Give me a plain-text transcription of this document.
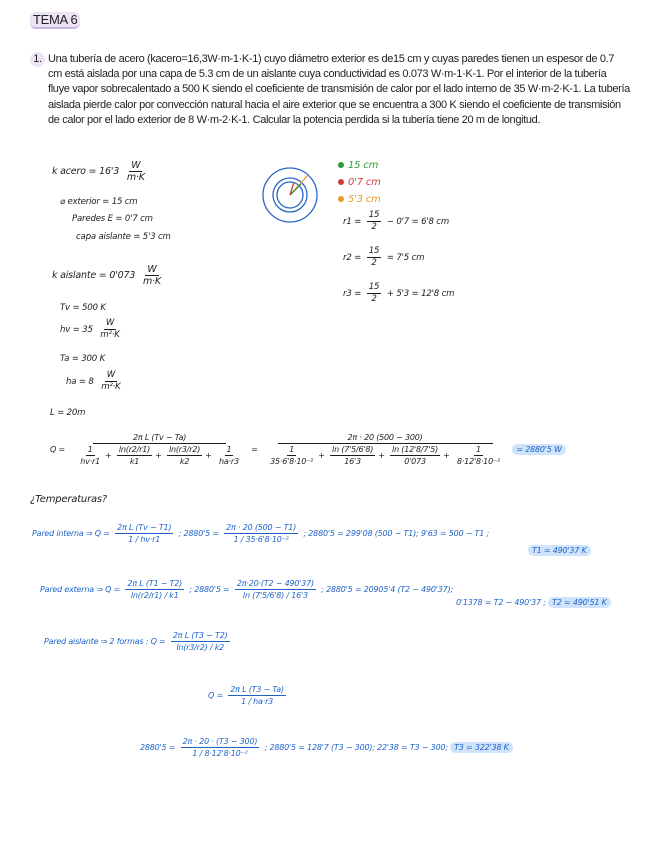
TEMA 6
1. Una tubería de acero (kacero=16,3W·m-1·K-1) cuyo diámetro exterior es de15 cm y cuyas paredes tienen un espesor de 0.7 cm está aislada por una capa de 5.3 cm de un aislante cuya conductividad es 0.073 W·m-1·K-1. Por el interior de la tubería fluye vapor sobrecalentado a 500 K siendo el coeficiente de transmisión de calor por el lado interno de 35 W·m-2·K-1. La tubería aislada pierde calor por convección natural hacia el aire exterior que se encuentra a 300 K siendo el coeficiente de transmisión de calor por el lado exterior de 8 W·m-2·K-1. Calcular la potencia perdida si la tubería tiene 20 m de longitud.
k acero = $16'3 \frac{W}{m\cdot K}$
⌀ exterior = 15 cm
Paredes E = 0'7 cm
capa aislante = 5'3 cm
k aislante = $0'073 \frac{W}{m\cdot K}$
Tv = 500 K
hv = $35 \frac{W}{\text{m²·K}}$
Ta = 300 K
ha = $8 \frac{W}{\text{m²·K}}$
L = 20m
15 cm
0'7 cm
5'3 cm
$r1 = \frac{15}{2} - 0'7 = 6'8$ cm
$r2 = \frac{15}{2} = 7'5$ cm
$r3 = \frac{15}{2} + 5'3 = 12'8$ cm
$Q = \frac{\text{2π L (Tv − Ta)}}{\frac{1}{hv\cdot r1} + \frac{\ln(r2/r1)}{k1} + \frac{\ln(r3/r2)}{k2} + \frac{1}{ha\cdot r3}}$ =
2π · 20 (500 − 300)
$\frac{1}{\text{35·6'8·10⁻²}} + \frac{\ln (7'5/6'8)}{16'3} + \frac{\ln (12'8/7'5)}{0'073} + \frac{1}{\text{8·12'8·10⁻²}} = 2880'5$ W
¿Temperaturas?
Pared interna ⇒ $Q = \frac{\text{2π L (Tv − T1)}}{1 / hv\cdot r1}$ ; $2880'5 = \frac{2\pi \cdot 20 (500 - T1)}{\text{1 / 35·6'8·10⁻²}}$ ; 2880'5 = 299'08 (500 − T1); 9'63 = 500 − T1 ;
T1 = 490'37 K
Pared externa ⇒ $Q = \frac{\text{2π L (T1 − T2)}}{\ln(r2/r1) / k1}$ ; $2880'5 = \frac{2\pi\cdot 20\cdot(T2 - 490'37)}{\ln (7'5/6'8) / 16'3}$ ; 2880'5 = 20905'4 (T2 − 490'37);
0'1378 = T2 − 490'37 ; T2 = 490'51 K
Pared aislante ⇒ 2 formas : $Q = \frac{\text{2π L (T3 − T2)}}{\ln(r3/r2) / k2}$
$Q = \frac{\text{2π L (T3 − Ta)}}{1 / ha\cdot r3}$
$2880'5 = \frac{2\pi \cdot 20 \cdot (T3 - 300)}{\text{1 / 8·12'8·10⁻²}}$ ; 2880'5 = 128'7 (T3 − 300); 22'38 = T3 − 300; T3 = 322'38 K
